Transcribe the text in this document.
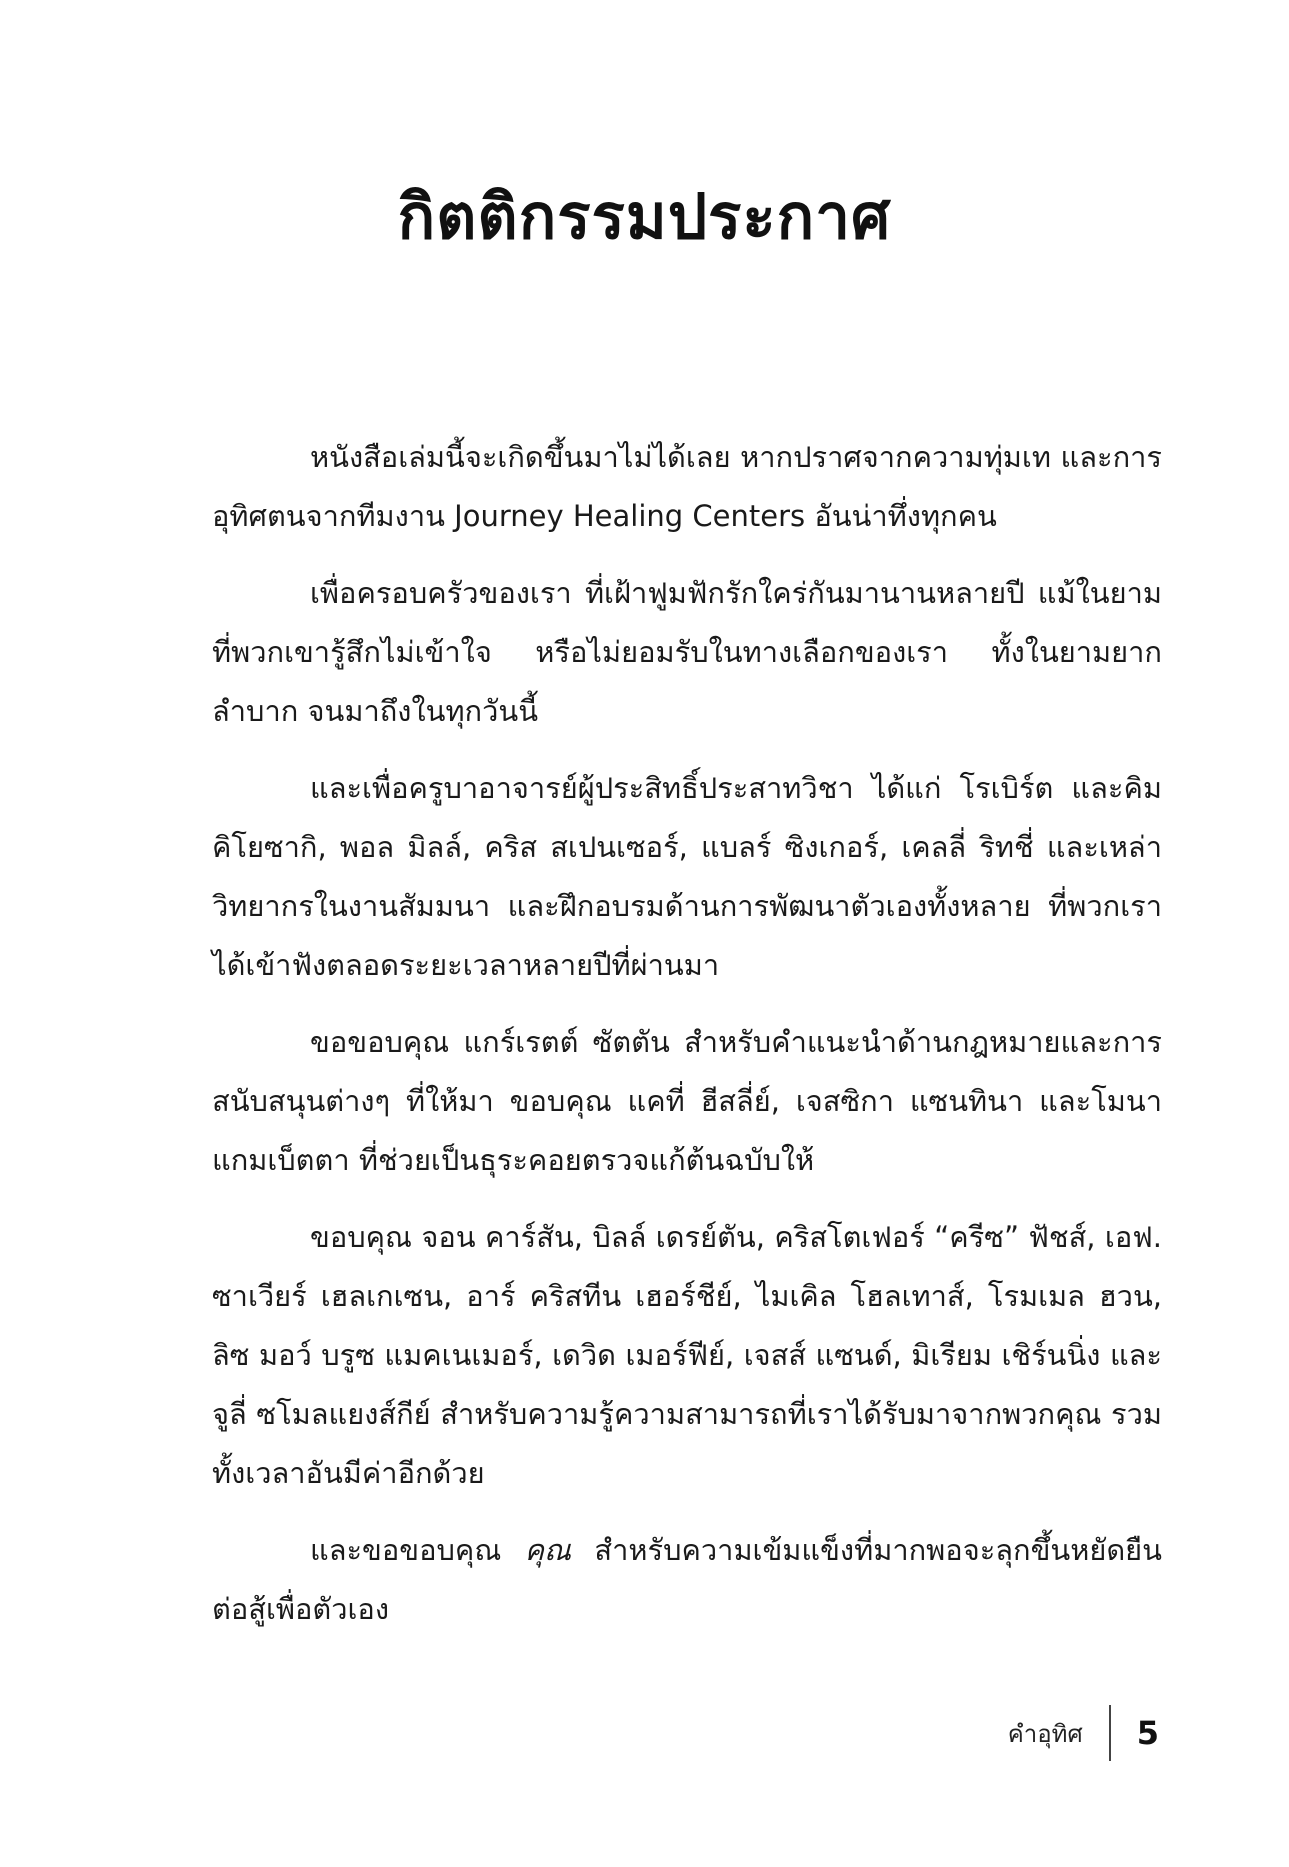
กิตติกรรมประกาศ

หนังสือเล่มนี้จะเกิดขึ้นมาไม่ได้เลย หากปราศจากความทุ่มเท และการอุทิศตนจากทีมงาน Journey Healing Centers อันน่าทึ่งทุกคน

เพื่อครอบครัวของเรา ที่เฝ้าฟูมฟักรักใคร่กันมานานหลายปี แม้ในยามที่พวกเขารู้สึกไม่เข้าใจ หรือไม่ยอมรับในทางเลือกของเรา ทั้งในยามยากลำบาก จนมาถึงในทุกวันนี้

และเพื่อครูบาอาจารย์ผู้ประสิทธิ์ประสาทวิชา ได้แก่ โรเบิร์ต และคิม คิโยซากิ, พอล มิลล์, คริส สเปนเซอร์, แบลร์ ซิงเกอร์, เคลลี่ ริทชี่ และเหล่าวิทยากรในงานสัมมนา และฝึกอบรมด้านการพัฒนาตัวเองทั้งหลาย ที่พวกเราได้เข้าฟังตลอดระยะเวลาหลายปีที่ผ่านมา

ขอขอบคุณ แกร์เรตต์ ซัตตัน สำหรับคำแนะนำด้านกฎหมายและการสนับสนุนต่างๆ ที่ให้มา ขอบคุณ แคที่ ฮีสลี่ย์, เจสซิกา แซนทินา และโมนา แกมเบ็ตตา ที่ช่วยเป็นธุระคอยตรวจแก้ต้นฉบับให้

ขอบคุณ จอน คาร์สัน, บิลล์ เดรย์ตัน, คริสโตเฟอร์ “ครีซ” ฟัชส์, เอฟ. ซาเวียร์ เฮลเกเซน, อาร์ คริสทีน เฮอร์ชีย์, ไมเคิล โฮลเทาส์, โรมเมล ฮวน, ลิซ มอว์ บรูซ แมคเนเมอร์, เดวิด เมอร์ฟีย์, เจสส์ แซนด์, มิเรียม เชิร์นนิ่ง และ จูลี่ ซโมลแยงส์กีย์ สำหรับความรู้ความสามารถที่เราได้รับมาจากพวกคุณ รวมทั้งเวลาอันมีค่าอีกด้วย

และขอขอบคุณ คุณ สำหรับความเข้มแข็งที่มากพอจะลุกขึ้นหยัดยืนต่อสู้เพื่อตัวเอง

คำอุทิศ	5
